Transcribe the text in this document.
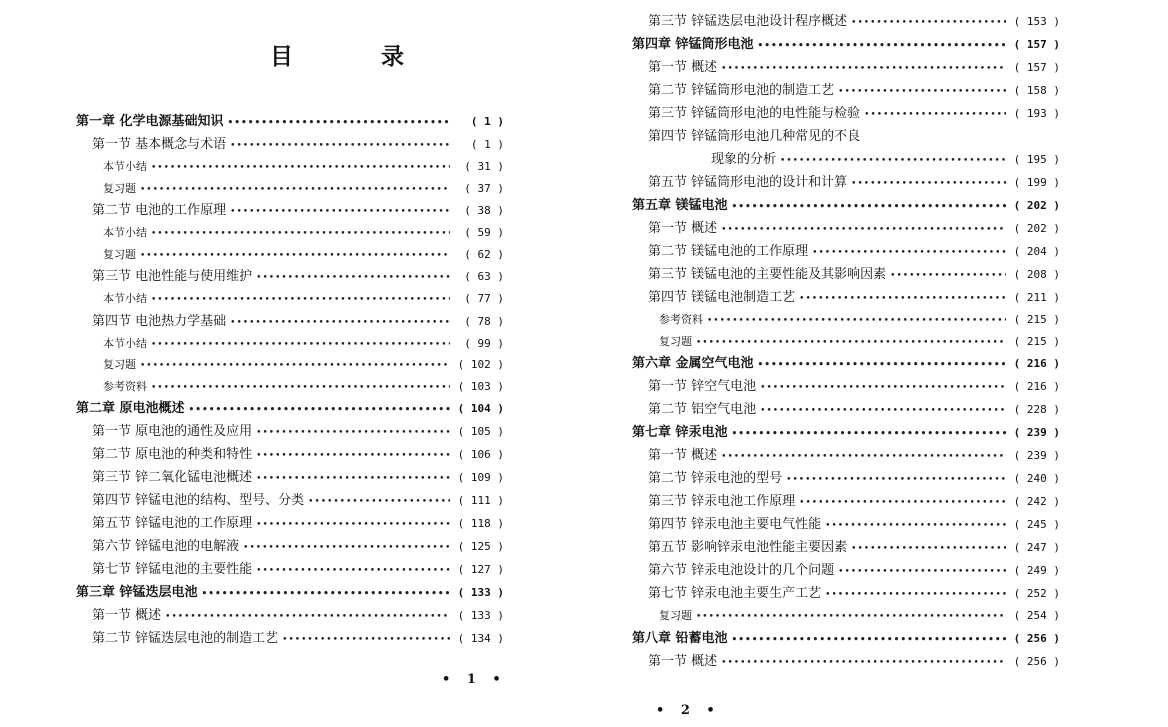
目 录
第一章 化学电源基础知识 •••••	( 1 )
第一节 基本概念与术语 •••••	( 1 )
本节小结 •••••	( 31 )
复习题 •••••	( 37 )
第二节 电池的工作原理 •••••	( 38 )
本节小结 •••••	( 59 )
复习题 •••••	( 62 )
第三节 电池性能与使用维护 •••••	( 63 )
本节小结 •••••	( 77 )
第四节 电池热力学基础 •••••	( 78 )
本节小结 •••••	( 99 )
复习题 •••••	( 102 )
参考资料 •••••	( 103 )
第二章 原电池概述 •••••	( 104 )
第一节 原电池的通性及应用 •••••	( 105 )
第二节 原电池的种类和特性 •••••	( 106 )
第三节 锌二氧化锰电池概述 •••••	( 109 )
第四节 锌锰电池的结构、型号、分类 •••••	( 111 )
第五节 锌锰电池的工作原理 •••••	( 118 )
第六节 锌锰电池的电解液 •••••	( 125 )
第七节 锌锰电池的主要性能 •••••	( 127 )
第三章 锌锰迭层电池 •••••	( 133 )
第一节 概述 •••••	( 133 )
第二节 锌锰迭层电池的制造工艺 •••••	( 134 )
• 1 •
第三节 锌锰迭层电池设计程序概述 •••••	( 153 )
第四章 锌锰筒形电池 •••••	( 157 )
第一节 概述 •••••	( 157 )
第二节 锌锰筒形电池的制造工艺 •••••	( 158 )
第三节 锌锰筒形电池的电性能与检验 •••••	( 193 )
第四节 锌锰筒形电池几种常见的不良
现象的分析 •••••	( 195 )
第五节 锌锰筒形电池的设计和计算 •••••	( 199 )
第五章 镁锰电池 •••••	( 202 )
第一节 概述 •••••	( 202 )
第二节 镁锰电池的工作原理 •••••	( 204 )
第三节 镁锰电池的主要性能及其影响因素 •••••	( 208 )
第四节 镁锰电池制造工艺 •••••	( 211 )
参考资料 •••••	( 215 )
复习题 •••••	( 215 )
第六章 金属空气电池 •••••	( 216 )
第一节 锌空气电池 •••••	( 216 )
第二节 铝空气电池 •••••	( 228 )
第七章 锌汞电池 •••••	( 239 )
第一节 概述 •••••	( 239 )
第二节 锌汞电池的型号 •••••	( 240 )
第三节 锌汞电池工作原理 •••••	( 242 )
第四节 锌汞电池主要电气性能 •••••	( 245 )
第五节 影响锌汞电池性能主要因素 •••••	( 247 )
第六节 锌汞电池设计的几个问题 •••••	( 249 )
第七节 锌汞电池主要生产工艺 •••••	( 252 )
复习题 •••••	( 254 )
第八章 铅蓄电池 •••••	( 256 )
第一节 概述 •••••	( 256 )
• 2 •
